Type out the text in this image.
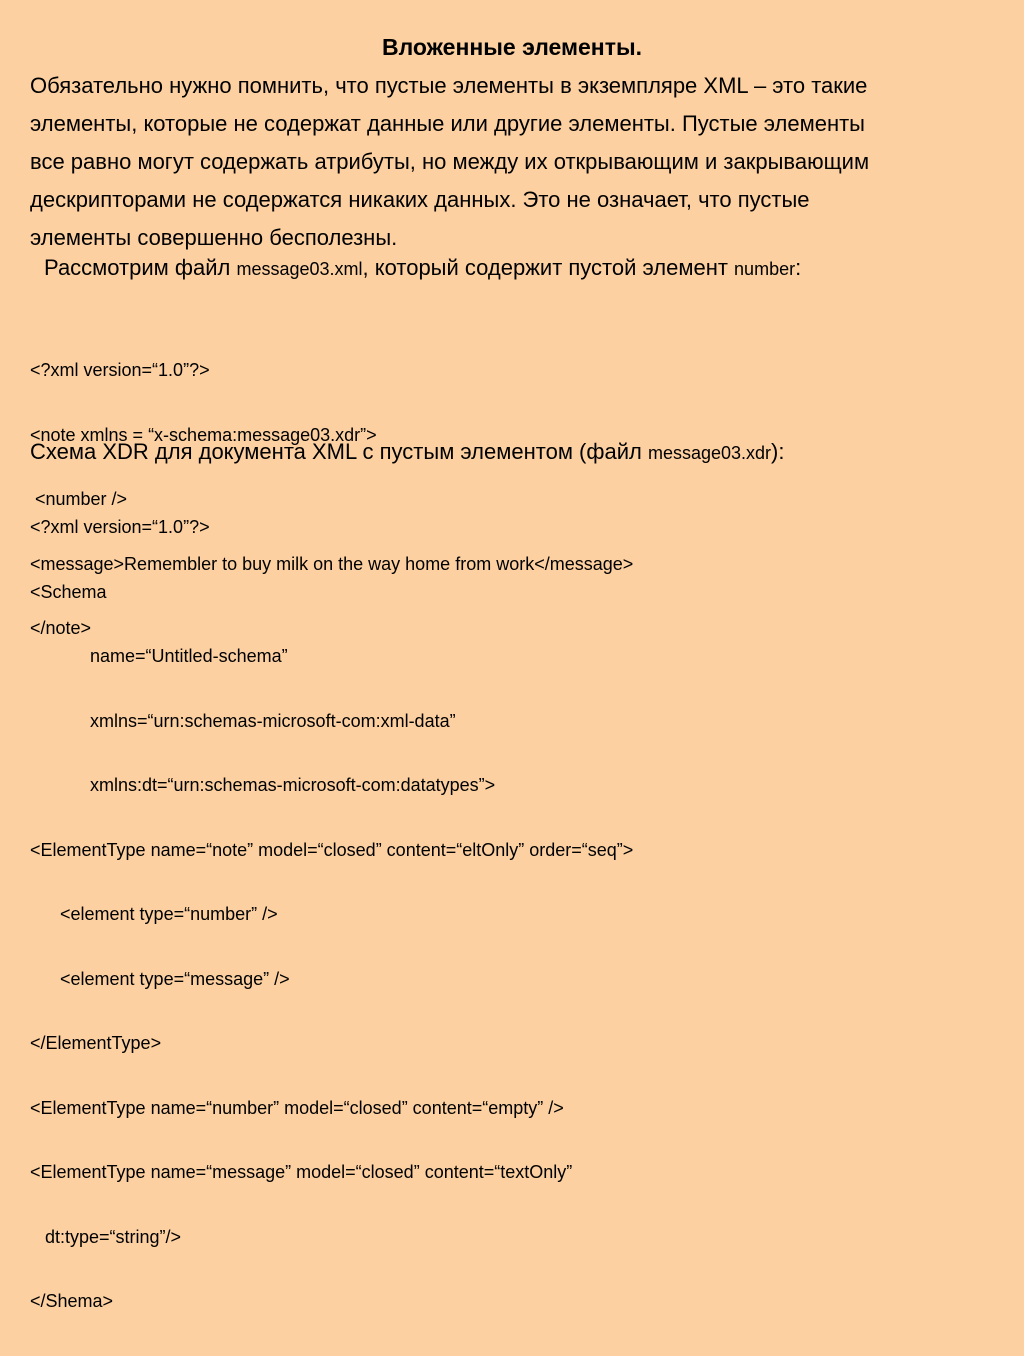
Вложенные элементы.
Обязательно нужно помнить, что пустые элементы в экземпляре XML – это такие
элементы, которые не содержат данные или другие элементы. Пустые элементы
все равно могут содержать атрибуты, но между их открывающим и закрывающим
дескрипторами не содержатся никаких данных. Это не означает, что пустые
элементы совершенно бесполезны.
Рассмотрим файл message03.xml, который содержит пустой элемент number:

<?xml version=“1.0”?>

<note xmlns = “x-schema:message03.xdr”>

<number />

<message>Remembler to buy milk on the way home from work</message>

</note>

Схема XDR для документа XML с пустым элементом (файл message03.xdr):

<?xml version=“1.0”?>

<Schema

name=“Untitled-schema”

xmlns=“urn:schemas-microsoft-com:xml-data”

xmlns:dt=“urn:schemas-microsoft-com:datatypes”>

<ElementType name=“note” model=“closed” content=“eltOnly” order=“seq”>

<element type=“number” />

<element type=“message” />

</ElementType>

<ElementType name=“number” model=“closed” content=“empty” />

<ElementType name=“message” model=“closed” content=“textOnly”

dt:type=“string”/>

</Shema>
